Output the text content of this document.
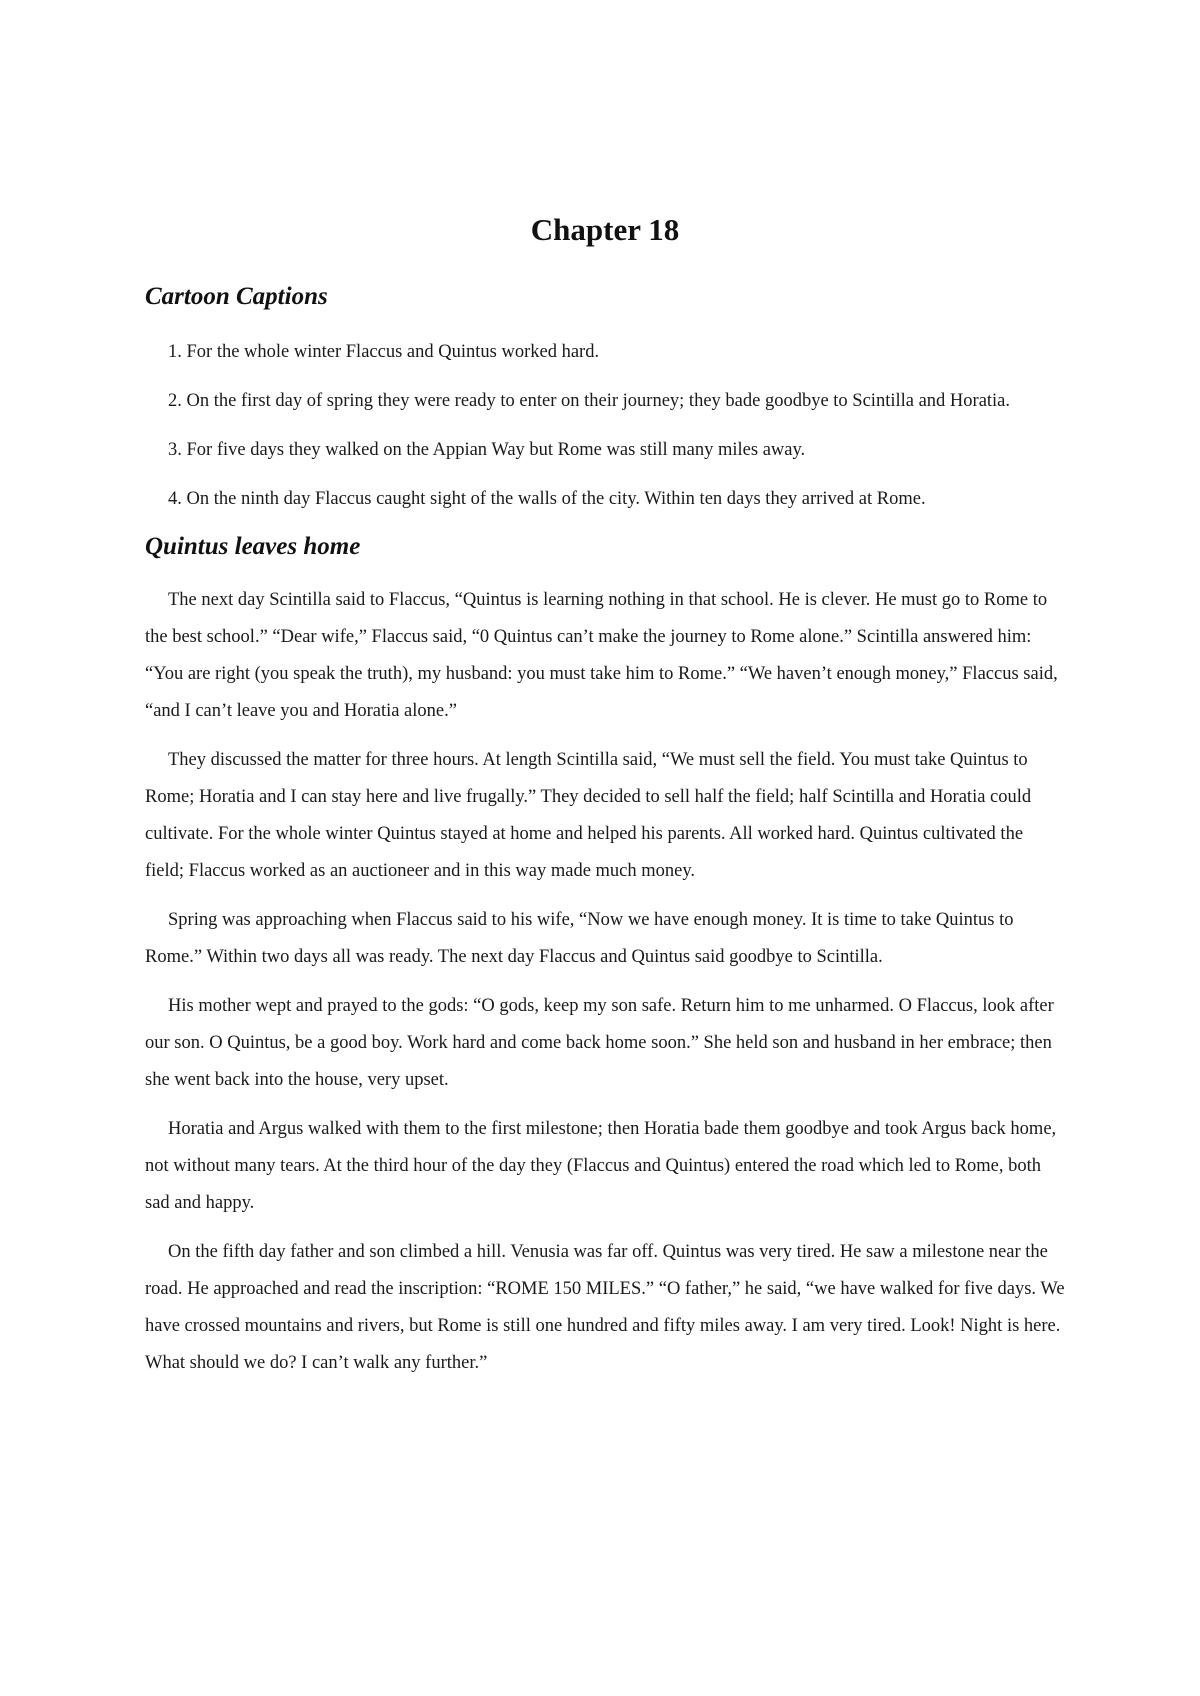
Chapter 18
Cartoon Captions

1. For the whole winter Flaccus and Quintus worked hard.

2. On the first day of spring they were ready to enter on their journey; they bade goodbye to Scintilla and Horatia.

3. For five days they walked on the Appian Way but Rome was still many miles away.

4. On the ninth day Flaccus caught sight of the walls of the city. Within ten days they arrived at Rome.

Quintus leaves home

The next day Scintilla said to Flaccus, “Quintus is learning nothing in that school. He is clever. He must go to Rome to the best school.” “Dear wife,” Flaccus said, “0 Quintus can’t make the journey to Rome alone.” Scintilla answered him: “You are right (you speak the truth), my husband: you must take him to Rome.” “We haven’t enough money,” Flaccus said, “and I can’t leave you and Horatia alone.”

They discussed the matter for three hours. At length Scintilla said, “We must sell the field. You must take Quintus to Rome; Horatia and I can stay here and live frugally.” They decided to sell half the field; half Scintilla and Horatia could cultivate. For the whole winter Quintus stayed at home and helped his parents. All worked hard. Quintus cultivated the field; Flaccus worked as an auctioneer and in this way made much money.

Spring was approaching when Flaccus said to his wife, “Now we have enough money. It is time to take Quintus to Rome.” Within two days all was ready. The next day Flaccus and Quintus said goodbye to Scintilla.

His mother wept and prayed to the gods: “O gods, keep my son safe. Return him to me unharmed. O Flaccus, look after our son. O Quintus, be a good boy. Work hard and come back home soon.” She held son and husband in her embrace; then she went back into the house, very upset.

Horatia and Argus walked with them to the first milestone; then Horatia bade them goodbye and took Argus back home, not without many tears. At the third hour of the day they (Flaccus and Quintus) entered the road which led to Rome, both sad and happy.

On the fifth day father and son climbed a hill. Venusia was far off. Quintus was very tired. He saw a milestone near the road. He approached and read the inscription: “ROME 150 MILES.” “O father,” he said, “we have walked for five days. We have crossed mountains and rivers, but Rome is still one hundred and fifty miles away. I am very tired. Look! Night is here. What should we do? I can’t walk any further.”
